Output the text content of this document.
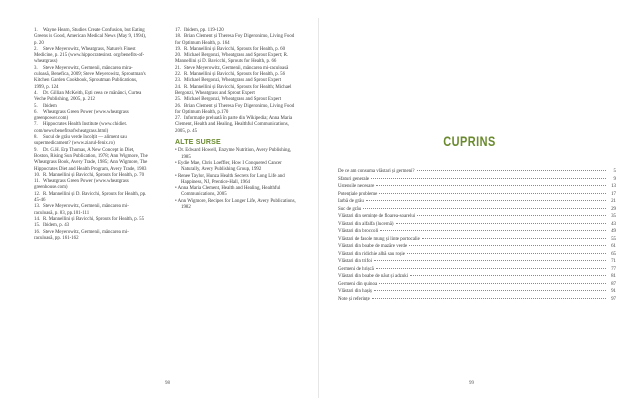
1. Wayne Hearn, Studies Create Confusion, but Eating Greens is Good, American Medical News (May 9, 1994), p. 20
2. Steve Meyerowitz, Wheatgrass, Nature's Finest Medicine, p. 215 (www.hippocratesinst. org/benefits-of-wheatgrass)
3. Steve Meyerowitz, Germenii, mâncarea mira-culoasă, Benefica, 2009; Steve Meyerowitz, Sproutman's Kitchen Garden Cookbook, Sproutman Publications, 1999, p. 124
4. Dr. Gillian McKeith, Ești ceea ce mănânci, Curtea Veche Publishing, 2005, p. 212
5. Ibidem
6. Wheatgrass Green Power (www.wheatgrass greenpower.com)
7. Hippocrates Health Institute (www.chidiet. com/news/benefitsofwheatgrass.html)
8. Sucul de grâu verde încolțit — aliment sau supermedicament? (www.ziarul-fenix.ro)
9. Dr. G.H. Erp Thomas, A New Concept in Diet, Boston, Rising Sun Publication, 1978; Ann Wigmore, The Wheatgrass Book, Avery Trade, 1985; Ann Wigmore, The Hippocrates Diet and Health Program, Avery Trade, 1983
10. R. Mannellini și Bavicchi, Sprouts for Health, p. 70
11. Wheatgrass Green Power (www.wheatgrass greenhouse.com)
12. R. Mannellini și D. Bavicchi, Sprouts for Health, pp. 45-46
13. Steve Meyerowitz, Germenii, mâncarea mi-raculoasă, p. 83, pp.101-111
14. R. Mannellini și Bavicchi, Sprouts for Health, p. 55
15. Ibidem, p. 43
16. Steve Meyerowitz, Germenii, mâncarea mi-raculoasă, pp. 161-162
17. Ibidem, pp. 119-120
18. Brian Clement și Theresa Foy Digeronimo, Living Food for Optimum Health, p. 164
19. R. Mannellini și Bavicchi, Sprouts for Health, p. 60
20. Michael Bergonzi, Wheatgrass and Sprout Expert; R. Mannellini și D. Bavicchi, Sprouts for Health, p. 66
21. Steve Meyerowitz, Germenii, mâncarea mi-raculoasă
22. R. Mannellini și Bavicchi, Sprouts for Health, p. 56
23. Michael Bergonzi, Wheatgrass and Sprout Expert
24. R. Mannellini și Bavicchi, Sprouts for Health; Michael Bergonzi, Wheatgrass and Sprout Expert
25. Michael Bergonzi, Wheatgrass and Sprout Expert
26. Brian Clement și Theresa Foy Digeronimo, Living Food for Optimum Health, p.170
27. Informație preluată în parte din Wikipedia; Anna Maria Clement, Health and Healing, Healthful Communications, 2005, p. 45
ALTE SURSE
• Dr. Edward Howell, Enzyme Nutrition, Avery Publishing, 1985
• Eydie Mae, Chris Loeffler, How I Conquered Cancer Naturally, Avery Publishing Group, 1992
• Renee Taylor, Hunza Health Secrets for Long Life and Happiness, NJ, Prentice-Hall, 1964
• Anna Maria Clement, Health and Healing, Healthful Communications, 2005
• Ann Wigmore, Recipes for Longer Life, Avery Publications, 1982
98
CUPRINS
De ce am consuma vlăstari și germeni?	5
Sfaturi generale	9
Ustensile necesare	13
Potențiale probleme	17
Iarbă de grâu	21
Suc de grâu	29
Vlăstari din semințe de floarea-soarelui	35
Vlăstari din alfalfa (lucernă)	43
Vlăstari din broccoli	49
Vlăstari de fasole mung și linte portocalie	55
Vlăstari din boabe de mazăre verde	61
Vlăstari din ridichie albă sau roșie	65
Vlăstari din trifoi	71
Germeni de hrișcă	77
Vlăstari din boabe de năut și adzuki	81
Germeni din quinoa	87
Vlăstari din hașiș	91
Note și referințe	97
99
